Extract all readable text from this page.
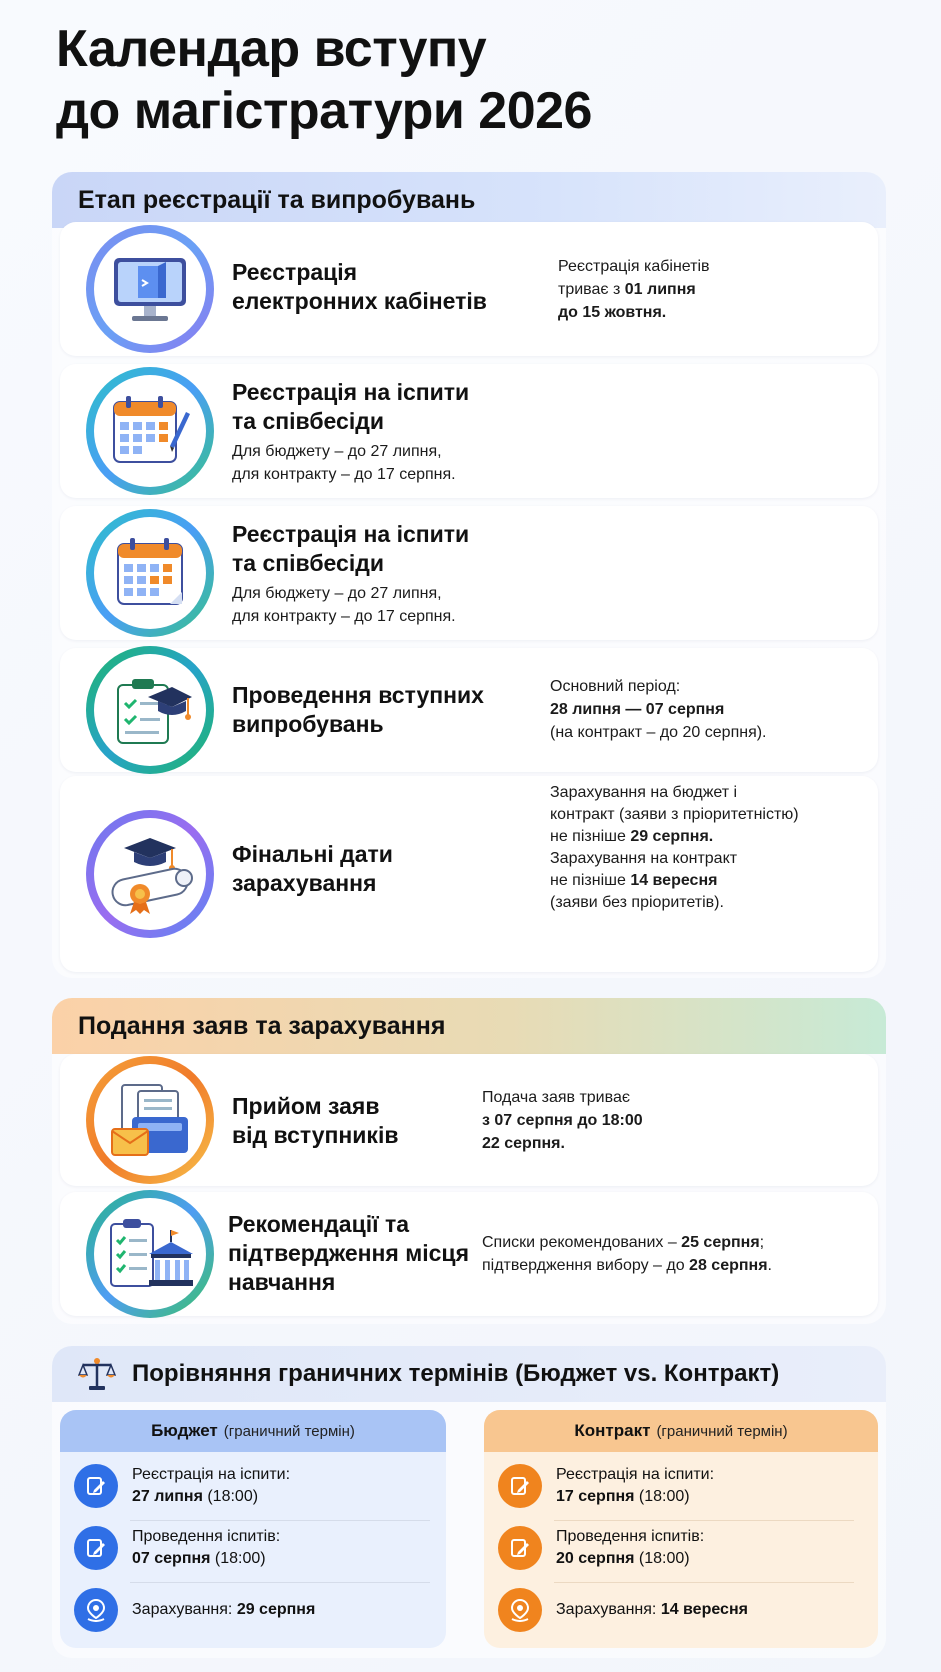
Календар вступу
до магістратури 2026
Етап реєстрації та випробувань
Реєстрація
електронних кабінетів
Реєстрація кабінетів
триває з 01 липня
до 15 жовтня.
Реєстрація на іспити
та співбесіди
Для бюджету – до 27 липня,
для контракту – до 17 серпня.
Реєстрація на іспити
та співбесіди
Для бюджету – до 27 липня,
для контракту – до 17 серпня.
Проведення вступних
випробувань
Основний період:
28 липня — 07 серпня
(на контракт – до 20 серпня).
Фінальні дати
зарахування
Зарахування на бюджет і
контракт (заяви з пріоритетністю)
не пізніше 29 серпня.
Зарахування на контракт
не пізніше 14 вересня
(заяви без пріоритетів).
Подання заяв та зарахування
Прийом заяв
від вступників
Подача заяв триває
з 07 серпня до 18:00
22 серпня.
Рекомендації та
підтвердження місця
навчання
Списки рекомендованих – 25 серпня;
підтвердження вибору – до 28 серпня.
Порівняння граничних термінів (Бюджет vs. Контракт)
Бюджет (граничний термін)
Реєстрація на іспити:
27 липня (18:00)
Проведення іспитів:
07 серпня (18:00)
Зарахування: 29 серпня
Контракт (граничний термін)
Реєстрація на іспити:
17 серпня (18:00)
Проведення іспитів:
20 серпня (18:00)
Зарахування: 14 вересня
